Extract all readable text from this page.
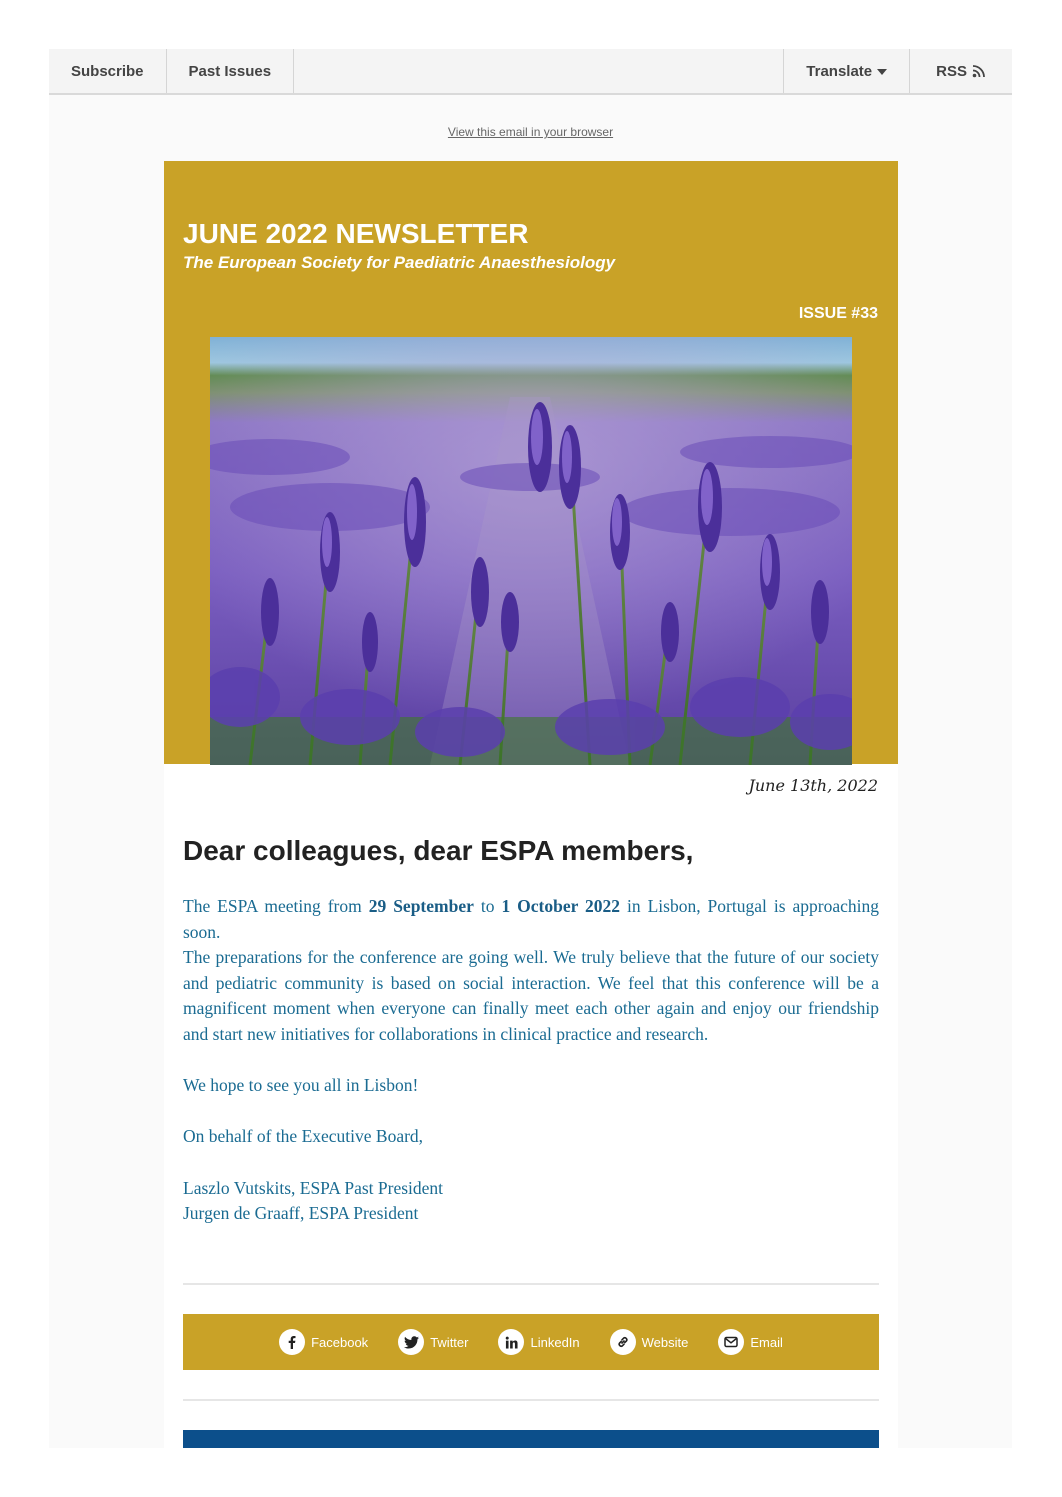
Subscribe	Past Issues	Translate	RSS
View this email in your browser
JUNE 2022 NEWSLETTER

The European Society for Paediatric Anaesthesiology

ISSUE #33
June 13th, 2022
Dear colleagues, dear ESPA members,

The ESPA meeting from 29 September to 1 October 2022 in Lisbon, Portugal is approaching soon.

The preparations for the conference are going well. We truly believe that the future of our society and pediatric community is based on social interaction. We feel that this conference will be a magnificent moment when everyone can finally meet each other again and enjoy our friendship and start new initiatives for collaborations in clinical practice and research.

We hope to see you all in Lisbon!

On behalf of the Executive Board,

Laszlo Vutskits, ESPA Past President

Jurgen de Graaff, ESPA President

Facebook	Twitter	LinkedIn	Website	Email
